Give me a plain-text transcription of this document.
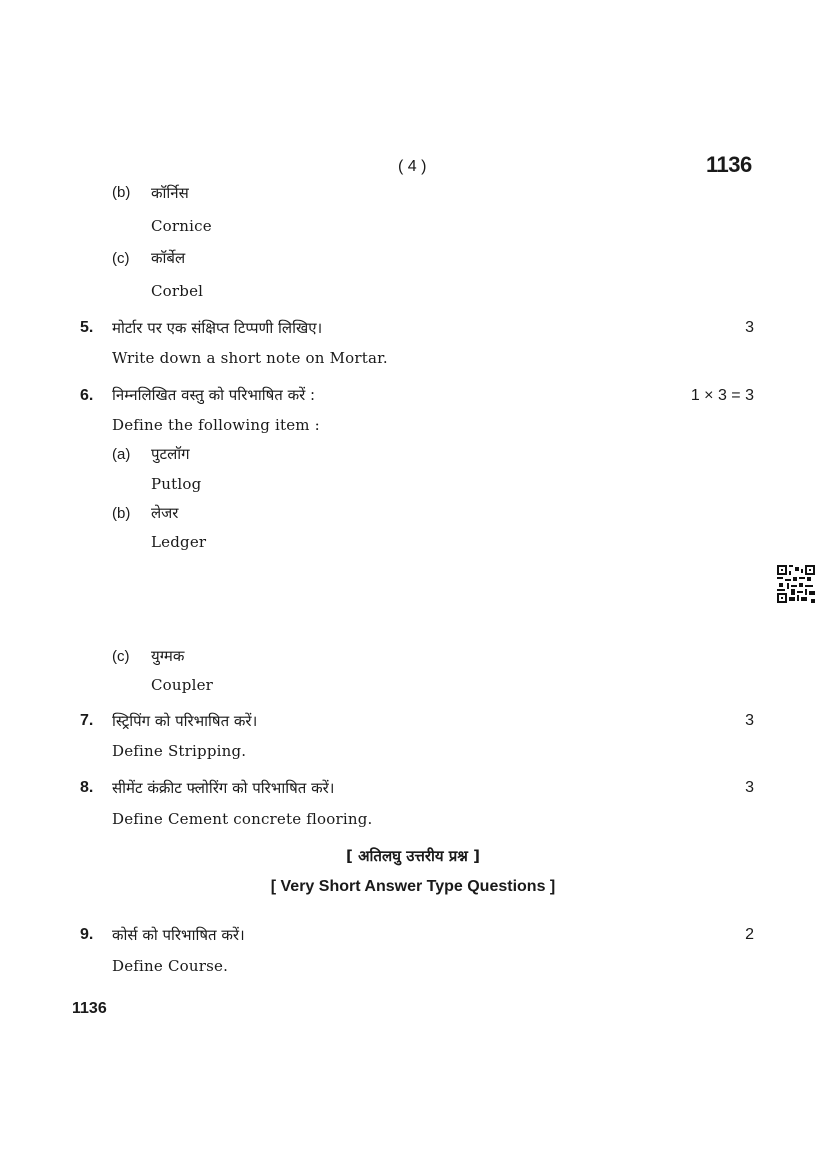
( 4 )	1136
(b) कॉर्निस
Cornice
(c) कॉर्बेल
Corbel
5. मोर्टार पर एक संक्षिप्त टिप्पणी लिखिए।	3
Write down a short note on Mortar.
6. निम्नलिखित वस्तु को परिभाषित करें :	1 × 3 = 3
Define the following item :
(a) पुटलॉग
Putlog
(b) लेजर
Ledger
(c) युग्मक
Coupler
7. स्ट्रिपिंग को परिभाषित करें।	3
Define Stripping.
8. सीमेंट कंक्रीट फ्लोरिंग को परिभाषित करें।	3
Define Cement concrete flooring.
[ अतिलघु उत्तरीय प्रश्न ]
[ Very Short Answer Type Questions ]
9. कोर्स को परिभाषित करें।	2
Define Course.
1136
